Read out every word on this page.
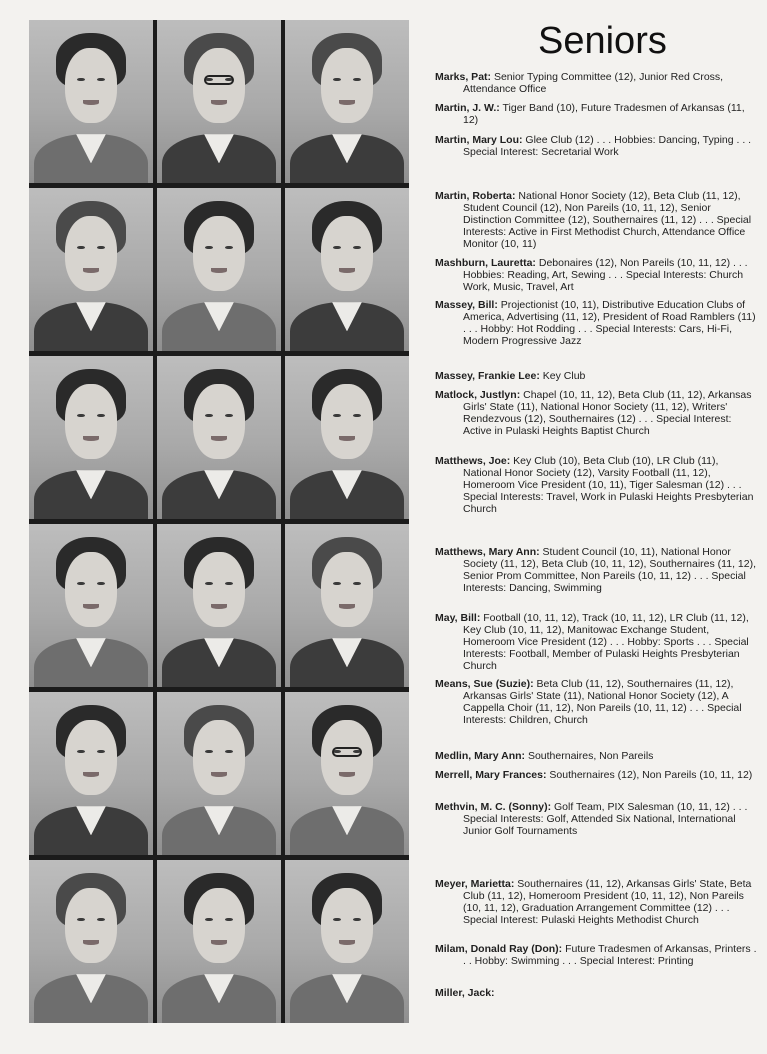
Seniors
Marks, Pat: Senior Typing Committee (12), Junior Red Cross, Attendance Office
Martin, J. W.: Tiger Band (10), Future Tradesmen of Arkansas (11, 12)
Martin, Mary Lou: Glee Club (12) . . . Hobbies: Dancing, Typing . . . Special Interest: Secretarial Work
Martin, Roberta: National Honor Society (12), Beta Club (11, 12), Student Council (12), Non Pareils (10, 11, 12), Senior Distinction Committee (12), Southernaires (11, 12) . . . Special Interests: Active in First Methodist Church, Attendance Office Monitor (10, 11)
Mashburn, Lauretta: Debonaires (12), Non Pareils (10, 11, 12) . . . Hobbies: Reading, Art, Sewing . . . Special Interests: Church Work, Music, Travel, Art
Massey, Bill: Projectionist (10, 11), Distributive Education Clubs of America, Advertising (11, 12), President of Road Ramblers (11) . . . Hobby: Hot Rodding . . . Special Interests: Cars, Hi-Fi, Modern Progressive Jazz
Massey, Frankie Lee: Key Club
Matlock, Justlyn: Chapel (10, 11, 12), Beta Club (11, 12), Arkansas Girls' State (11), National Honor Society (11, 12), Writers' Rendezvous (12), Southernaires (12) . . . Special Interest: Active in Pulaski Heights Baptist Church
Matthews, Joe: Key Club (10), Beta Club (10), LR Club (11), National Honor Society (12), Varsity Football (11, 12), Homeroom Vice President (10, 11), Tiger Salesman (12) . . . Special Interests: Travel, Work in Pulaski Heights Presbyterian Church
Matthews, Mary Ann: Student Council (10, 11), National Honor Society (11, 12), Beta Club (10, 11, 12), Southernaires (11, 12), Senior Prom Committee, Non Pareils (10, 11, 12) . . . Special Interests: Dancing, Swimming
May, Bill: Football (10, 11, 12), Track (10, 11, 12), LR Club (11, 12), Key Club (10, 11, 12), Manitowac Exchange Student, Homeroom Vice President (12) . . . Hobby: Sports . . . Special Interests: Football, Member of Pulaski Heights Presbyterian Church
Means, Sue (Suzie): Beta Club (11, 12), Southernaires (11, 12), Arkansas Girls' State (11), National Honor Society (12), A Cappella Choir (11, 12), Non Pareils (10, 11, 12) . . . Special Interests: Children, Church
Medlin, Mary Ann: Southernaires, Non Pareils
Merrell, Mary Frances: Southernaires (12), Non Pareils (10, 11, 12)
Methvin, M. C. (Sonny): Golf Team, PIX Salesman (10, 11, 12) . . . Special Interests: Golf, Attended Six National, International Junior Golf Tournaments
Meyer, Marietta: Southernaires (11, 12), Arkansas Girls' State, Beta Club (11, 12), Homeroom President (10, 11, 12), Non Pareils (10, 11, 12), Graduation Arrangement Committee (12) . . . Special Interest: Pulaski Heights Methodist Church
Milam, Donald Ray (Don): Future Tradesmen of Arkansas, Printers . . . Hobby: Swimming . . . Special Interest: Printing
Miller, Jack:
